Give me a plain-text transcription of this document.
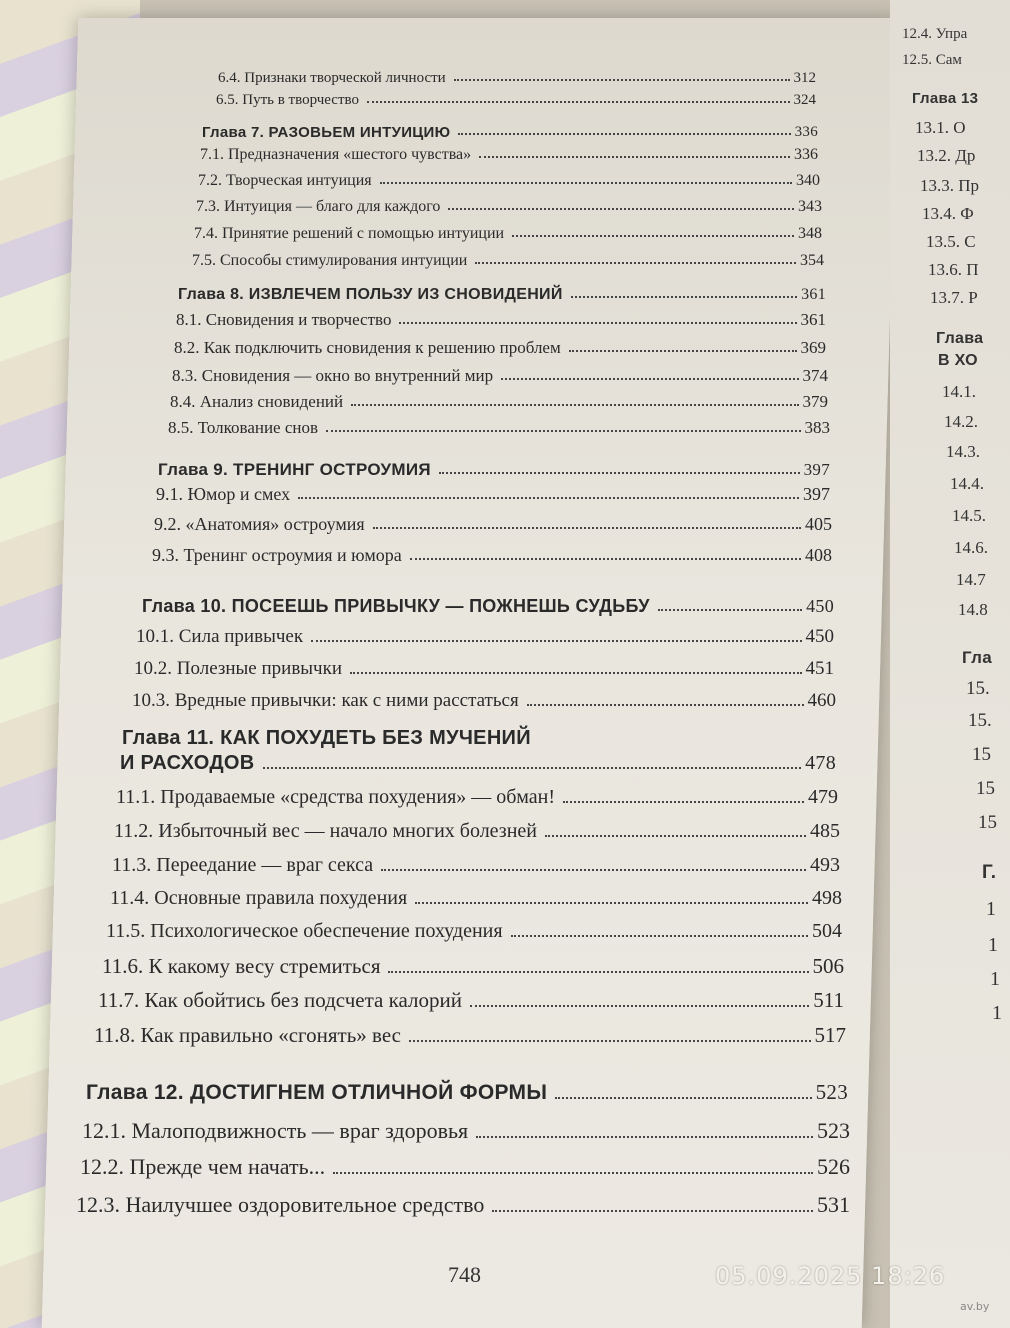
6.4. Признаки творческой личности	312
6.5. Путь в творчество	324
Глава 7. РАЗОВЬЕМ ИНТУИЦИЮ	336
7.1. Предназначения «шестого чувства»	336
7.2. Творческая интуиция	340
7.3. Интуиция — благо для каждого	343
7.4. Принятие решений с помощью интуиции	348
7.5. Способы стимулирования интуиции	354
Глава 8. ИЗВЛЕЧЕМ ПОЛЬЗУ ИЗ СНОВИДЕНИЙ	361
8.1. Сновидения и творчество	361
8.2. Как подключить сновидения к решению проблем	369
8.3. Сновидения — окно во внутренний мир	374
8.4. Анализ сновидений	379
8.5. Толкование снов	383
Глава 9. ТРЕНИНГ ОСТРОУМИЯ	397
9.1. Юмор и смех	397
9.2. «Анатомия» остроумия	405
9.3. Тренинг остроумия и юмора	408
Глава 10. ПОСЕЕШЬ ПРИВЫЧКУ — ПОЖНЕШЬ СУДЬБУ	450
10.1. Сила привычек	450
10.2. Полезные привычки	451
10.3. Вредные привычки: как с ними расстаться	460
Глава 11. КАК ПОХУДЕТЬ БЕЗ МУЧЕНИЙ
И РАСХОДОВ	478
11.1. Продаваемые «средства похудения» — обман!	479
11.2. Избыточный вес — начало многих болезней	485
11.3. Переедание — враг секса	493
11.4. Основные правила похудения	498
11.5. Психологическое обеспечение похудения	504
11.6. К какому весу стремиться	506
11.7. Как обойтись без подсчета калорий	511
11.8. Как правильно «сгонять» вес	517
Глава 12. ДОСТИГНЕМ ОТЛИЧНОЙ ФОРМЫ	523
12.1. Малоподвижность — враг здоровья	523
12.2. Прежде чем начать...	526
12.3. Наилучшее оздоровительное средство	531
748
12.4. Упра
12.5. Сам
Глава 13
13.1. О
13.2. Др
13.3. Пр
13.4. Ф
13.5. С
13.6. П
13.7. Р
Глава
В ХО
14.1.
14.2.
14.3.
14.4.
14.5.
14.6.
14.7
14.8
Гла
15.
15.
15
15
15
Г.
1
1
1
1
05.09.2025 18:26
av.by
